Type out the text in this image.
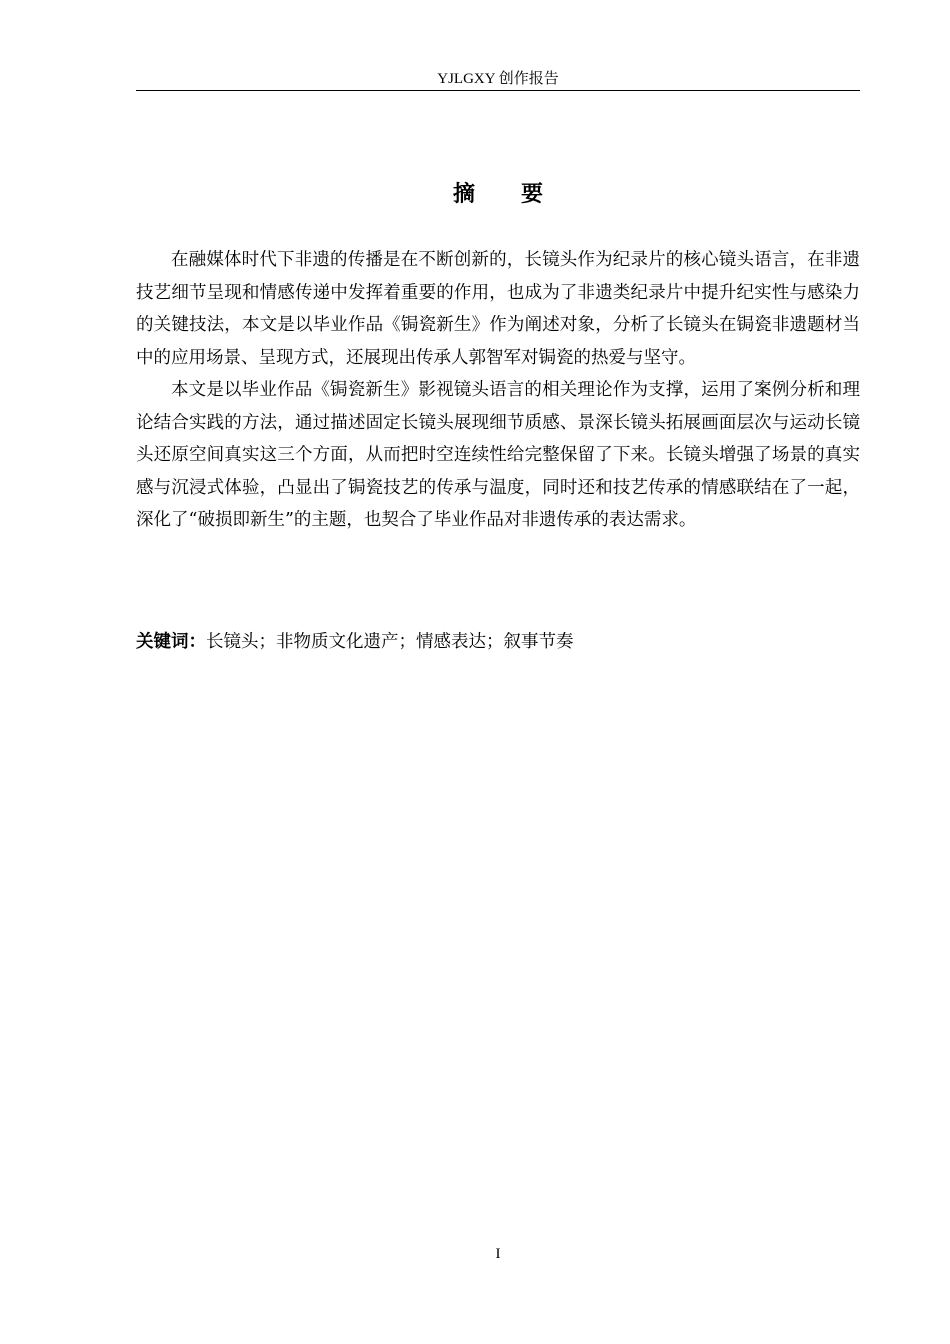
YJLGXY 创作报告
摘 要

在融媒体时代下非遗的传播是在不断创新的，长镜头作为纪录片的核心镜头语言，在非遗技艺细节呈现和情感传递中发挥着重要的作用，也成为了非遗类纪录片中提升纪实性与感染力的关键技法，本文是以毕业作品《锔瓷新生》作为阐述对象，分析了长镜头在锔瓷非遗题材当中的应用场景、呈现方式，还展现出传承人郭智军对锔瓷的热爱与坚守。

本文是以毕业作品《锔瓷新生》影视镜头语言的相关理论作为支撑，运用了案例分析和理论结合实践的方法，通过描述固定长镜头展现细节质感、景深长镜头拓展画面层次与运动长镜头还原空间真实这三个方面，从而把时空连续性给完整保留了下来。长镜头增强了场景的真实感与沉浸式体验，凸显出了锔瓷技艺的传承与温度，同时还和技艺传承的情感联结在了一起，深化了“破损即新生”的主题，也契合了毕业作品对非遗传承的表达需求。

关键词：长镜头；非物质文化遗产；情感表达；叙事节奏
I
